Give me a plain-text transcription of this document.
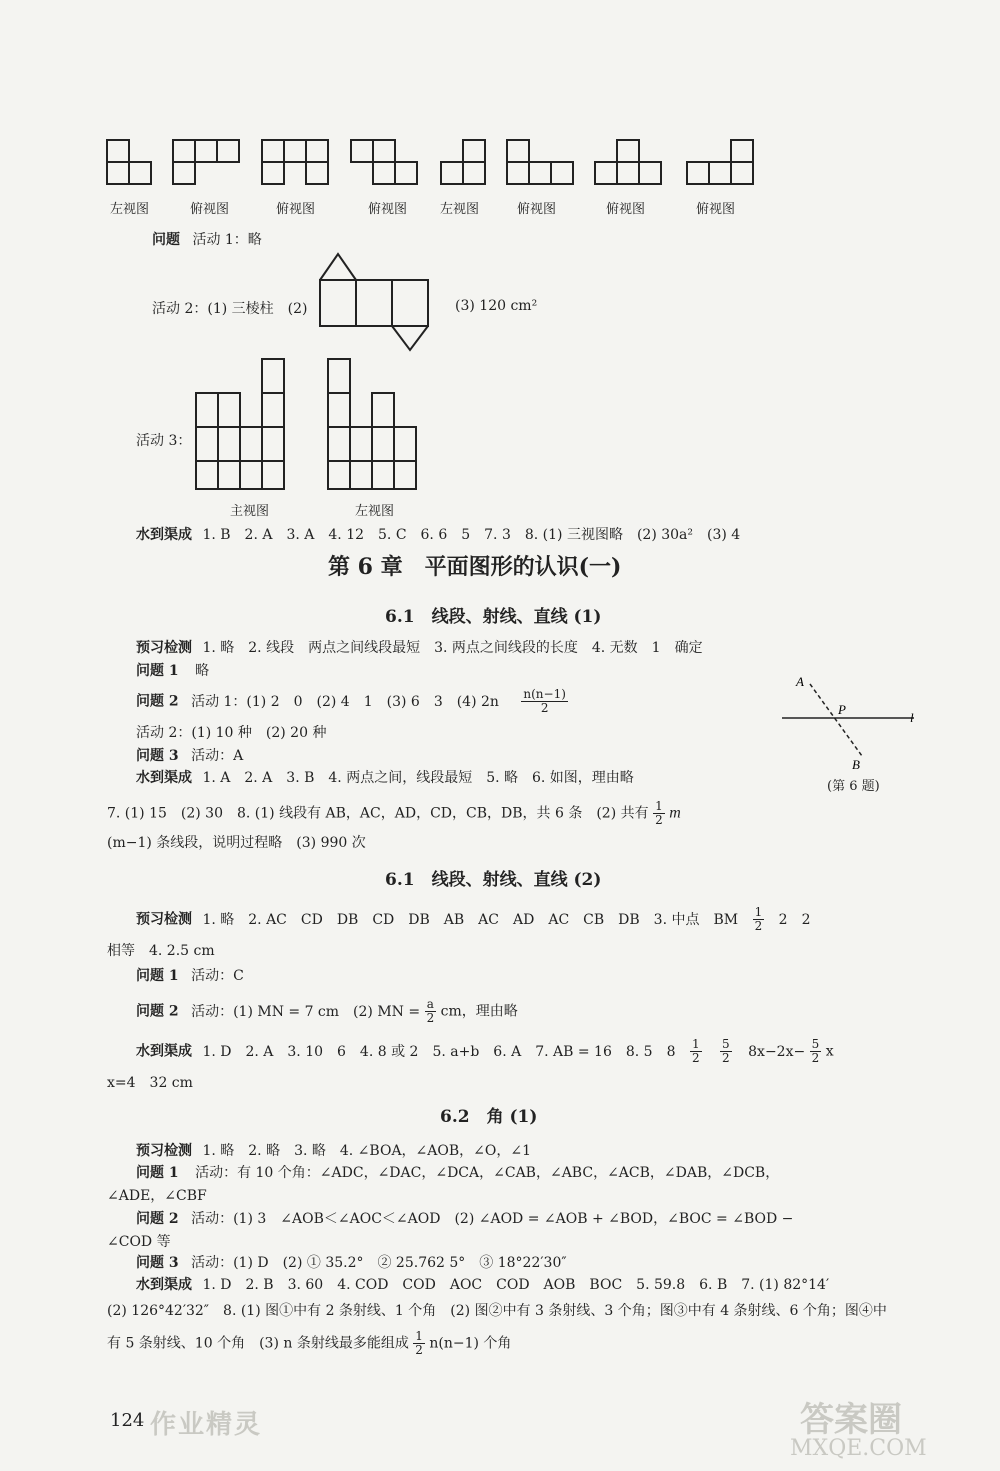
左视图	俯视图	俯视图	俯视图	左视图	俯视图	俯视图	俯视图
问题 活动 1：略
活动 2：(1) 三棱柱　(2)	(3) 120 cm²
活动 3：
主视图	左视图
水到渠成 1. B　2. A　3. A　4. 12　5. C　6. 6　5　7. 3　8. (1) 三视图略　(2) 30a²　(3) 4
第 6 章　平面图形的认识(一)
6.1　线段、射线、直线 (1)
预习检测 1. 略　2. 线段　两点之间线段最短　3. 两点之间线段的长度　4. 无数　1　确定
问题 1 略
问题 2 活动 1：(1) 2　0　(2) 4　1　(3) 6　3　(4) $2n \frac{n(n-1)}{2}$
活动 2：(1) 10 种　(2) 20 种
问题 3 活动：A
水到渠成 1. A　2. A　3. B　4. 两点之间，线段最短　5. 略　6. 如图，理由略
A
P
l
B
(第 6 题)
7. (1) 15　(2) 30　8. (1) 线段有 AB，AC，AD，CD，CB，DB，共 6 条　(2) 共有 $\frac{1}{2}$ m
(m−1) 条线段，说明过程略　(3) 990 次
6.1　线段、射线、直线 (2)
预习检测 1. 略　2. AC　CD　DB　CD　DB　AB　AC　AD　AC　CB　DB　3. 中点　BM $\frac{1}{2} 2$　2
相等　4. 2.5 cm
问题 1 活动：C
问题 2 活动：(1) MN = 7 cm　(2) MN = $\frac{a}{2}$ cm，理由略
水到渠成 1. D　2. A　3. 10　6　4. 8 或 2　5. a+b　6. A　7. AB = 16　8. 5　$8 \frac{1}{2}$
$\frac{5}{2} 8x-2x- \frac{5}{2}$ x
x=4　32 cm
6.2　角 (1)
预习检测 1. 略　2. 略　3. 略　4. ∠BOA，∠AOB，∠O，∠1
问题 1 活动：有 10 个角：∠ADC，∠DAC，∠DCA，∠CAB，∠ABC，∠ACB，∠DAB，∠DCB，
∠ADE，∠CBF
问题 2 活动：(1) 3　∠AOB＜∠AOC＜∠AOD　(2) ∠AOD = ∠AOB + ∠BOD，∠BOC = ∠BOD −
∠COD 等
问题 3 活动：(1) D　(2) ① 35.2°　② 25.762 5°　③ 18°22′30″
水到渠成 1. D　2. B　3. 60　4. COD　COD　AOC　COD　AOB　BOC　5. 59.8　6. B　7. (1) 82°14′
(2) 126°42′32″　8. (1) 图①中有 2 条射线、1 个角　(2) 图②中有 3 条射线、3 个角；图③中有 4 条射线、6 个角；图④中
有 5 条射线、10 个角　(3) n 条射线最多能组成 $\frac{1}{2} n(n-1)$ 个角
124 作业精灵	答案圈
MXQE.COM
